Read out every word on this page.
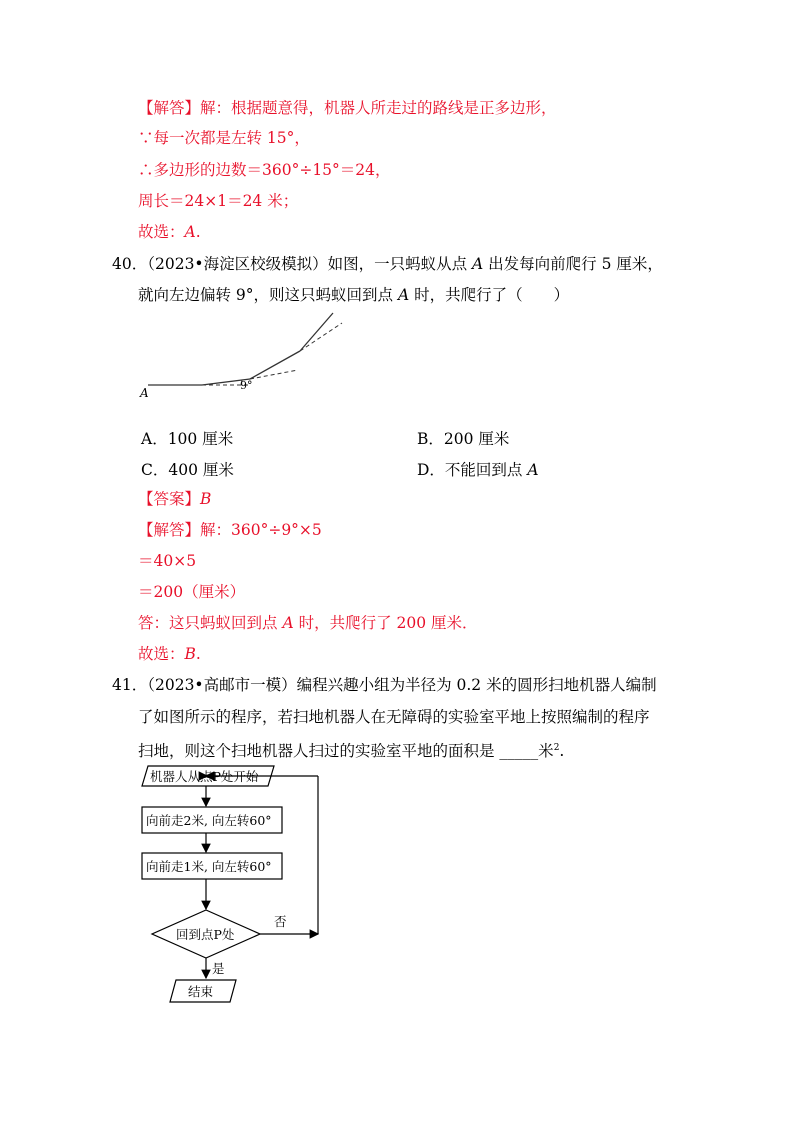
【解答】解：根据题意得，机器人所走过的路线是正多边形，
∵每一次都是左转 15°，
∴多边形的边数＝360°÷15°＝24，
周长＝24×1＝24 米；
故选：A.
40．（2023•海淀区校级模拟）如图，一只蚂蚁从点 A 出发每向前爬行 5 厘米，
就向左边偏转 9°，则这只蚂蚁回到点 A 时，共爬行了（　　）
A
9°
A．100 厘米	B．200 厘米
C．400 厘米	D．不能回到点 A
【答案】B
【解答】解：360°÷9°×5
＝40×5
＝200（厘米）
答：这只蚂蚁回到点 A 时，共爬行了 200 厘米．
故选：B.
41．（2023•高邮市一模）编程兴趣小组为半径为 0.2 米的圆形扫地机器人编制
了如图所示的程序，若扫地机器人在无障碍的实验室平地上按照编制的程序
扫地，则这个扫地机器人扫过的实验室平地的面积是 _____米$^2$.
机器人从点P处开始
向前走2米, 向左转60°
向前走1米, 向左转60°
回到点P处
否
是
结束
